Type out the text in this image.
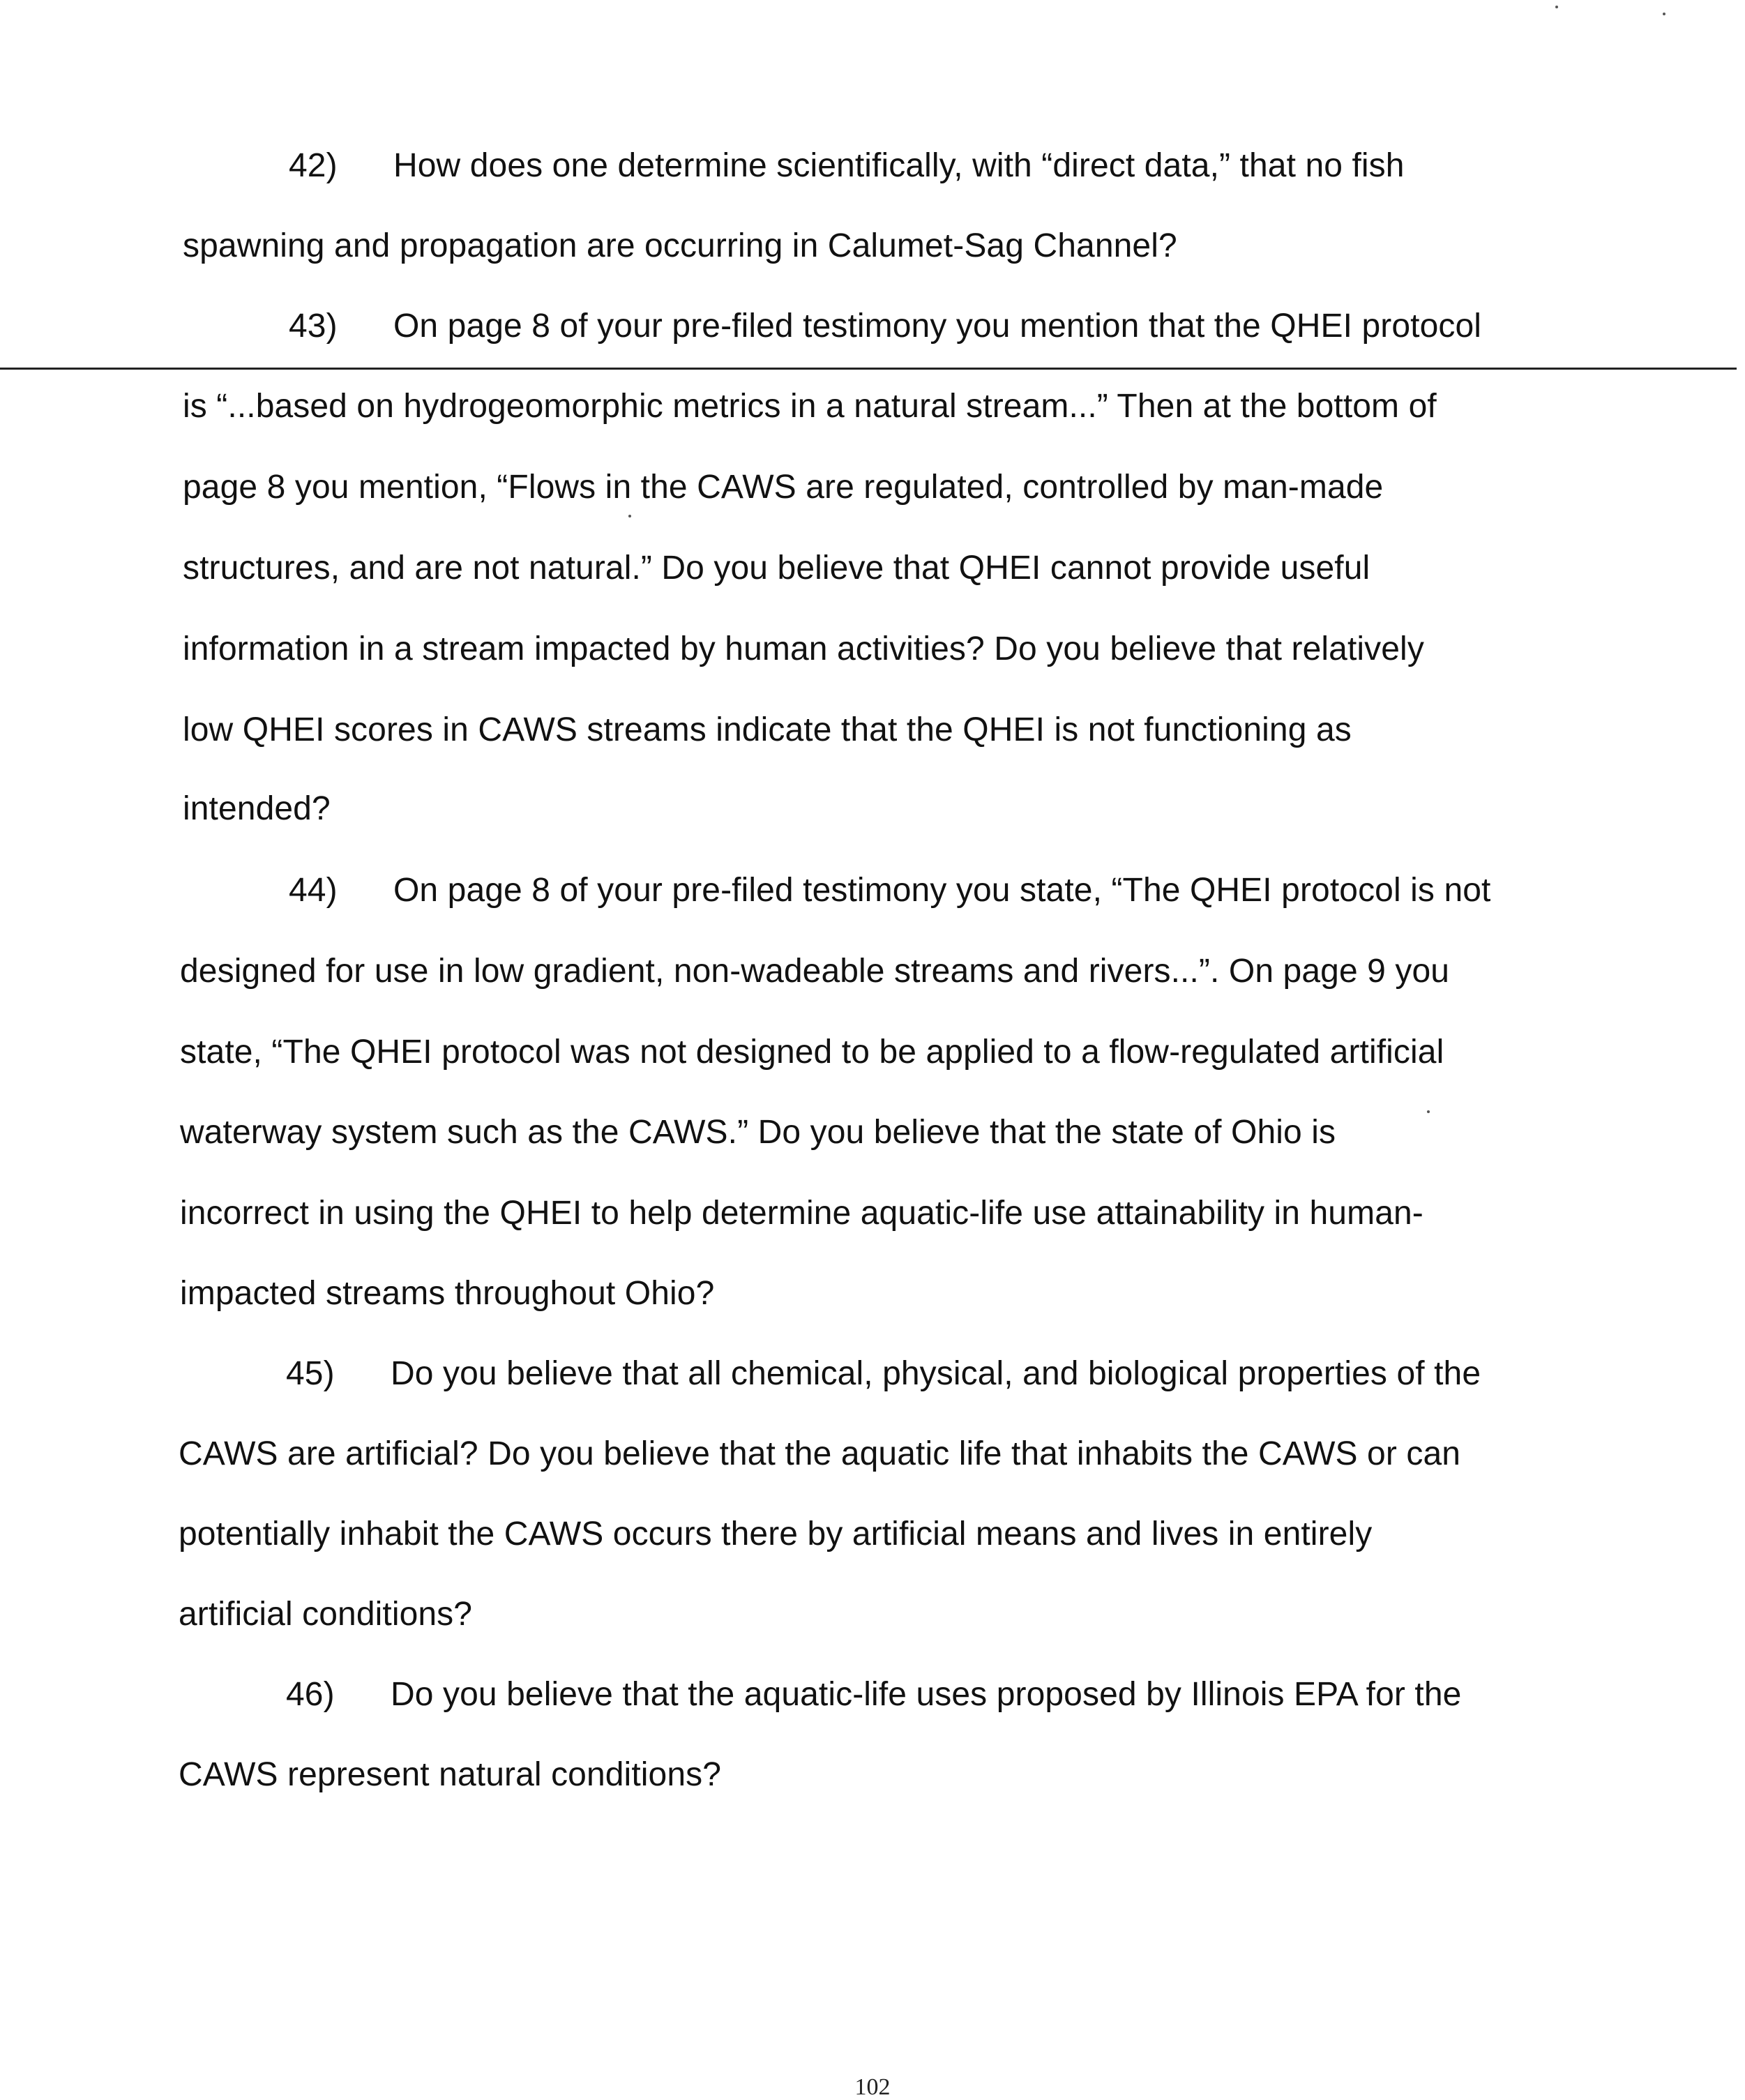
42) How does one determine scientifically, with “direct data,” that no fish
spawning and propagation are occurring in Calumet-Sag Channel?
43) On page 8 of your pre-filed testimony you mention that the QHEI protocol
is “...based on hydrogeomorphic metrics in a natural stream...” Then at the bottom of
page 8 you mention, “Flows in the CAWS are regulated, controlled by man-made
structures, and are not natural.” Do you believe that QHEI cannot provide useful
information in a stream impacted by human activities? Do you believe that relatively
low QHEI scores in CAWS streams indicate that the QHEI is not functioning as
intended?
44) On page 8 of your pre-filed testimony you state, “The QHEI protocol is not
designed for use in low gradient, non-wadeable streams and rivers...”. On page 9 you
state, “The QHEI protocol was not designed to be applied to a flow-regulated artificial
waterway system such as the CAWS.” Do you believe that the state of Ohio is
incorrect in using the QHEI to help determine aquatic-life use attainability in human-
impacted streams throughout Ohio?
45) Do you believe that all chemical, physical, and biological properties of the
CAWS are artificial? Do you believe that the aquatic life that inhabits the CAWS or can
potentially inhabit the CAWS occurs there by artificial means and lives in entirely
artificial conditions?
46) Do you believe that the aquatic-life uses proposed by Illinois EPA for the
CAWS represent natural conditions?
102
